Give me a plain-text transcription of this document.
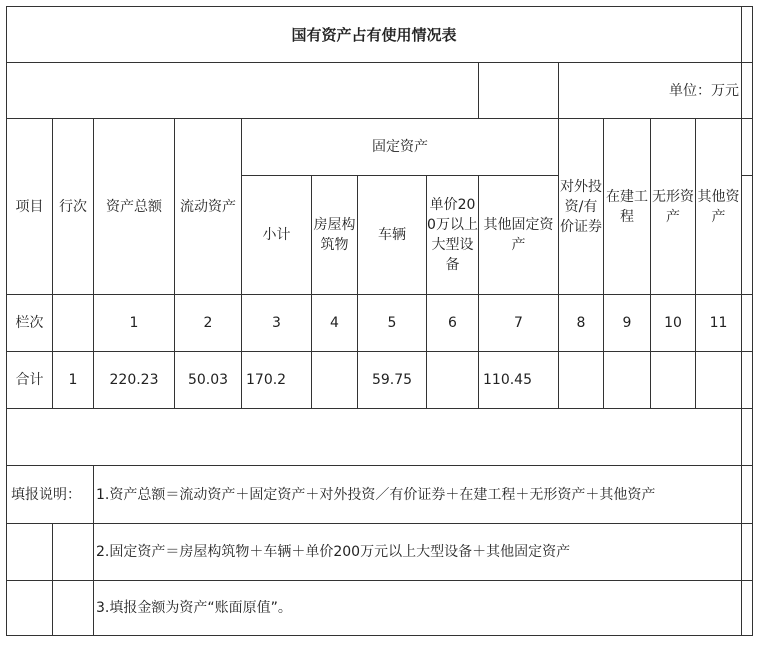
国有资产占有使用情况表													
									单位：万元				
项目	行次	资产总额	流动资产	固定资产					对外投资/有价证券	在建工程	无形资产	其他资产	
				小计	房屋构筑物	车辆	单价200万以上大型设备	其他固定资产					
栏次		1	2	3	4	5	6	7	8	9	10	11	
合计	1	220.23	50.03	170.2		59.75		110.45					

填报说明：		1.资产总额＝流动资产＋固定资产＋对外投资／有价证券＋在建工程＋无形资产＋其他资产											
		2.固定资产＝房屋构筑物＋车辆＋单价200万元以上大型设备＋其他固定资产											
		3.填报金额为资产“账面原值”。											
